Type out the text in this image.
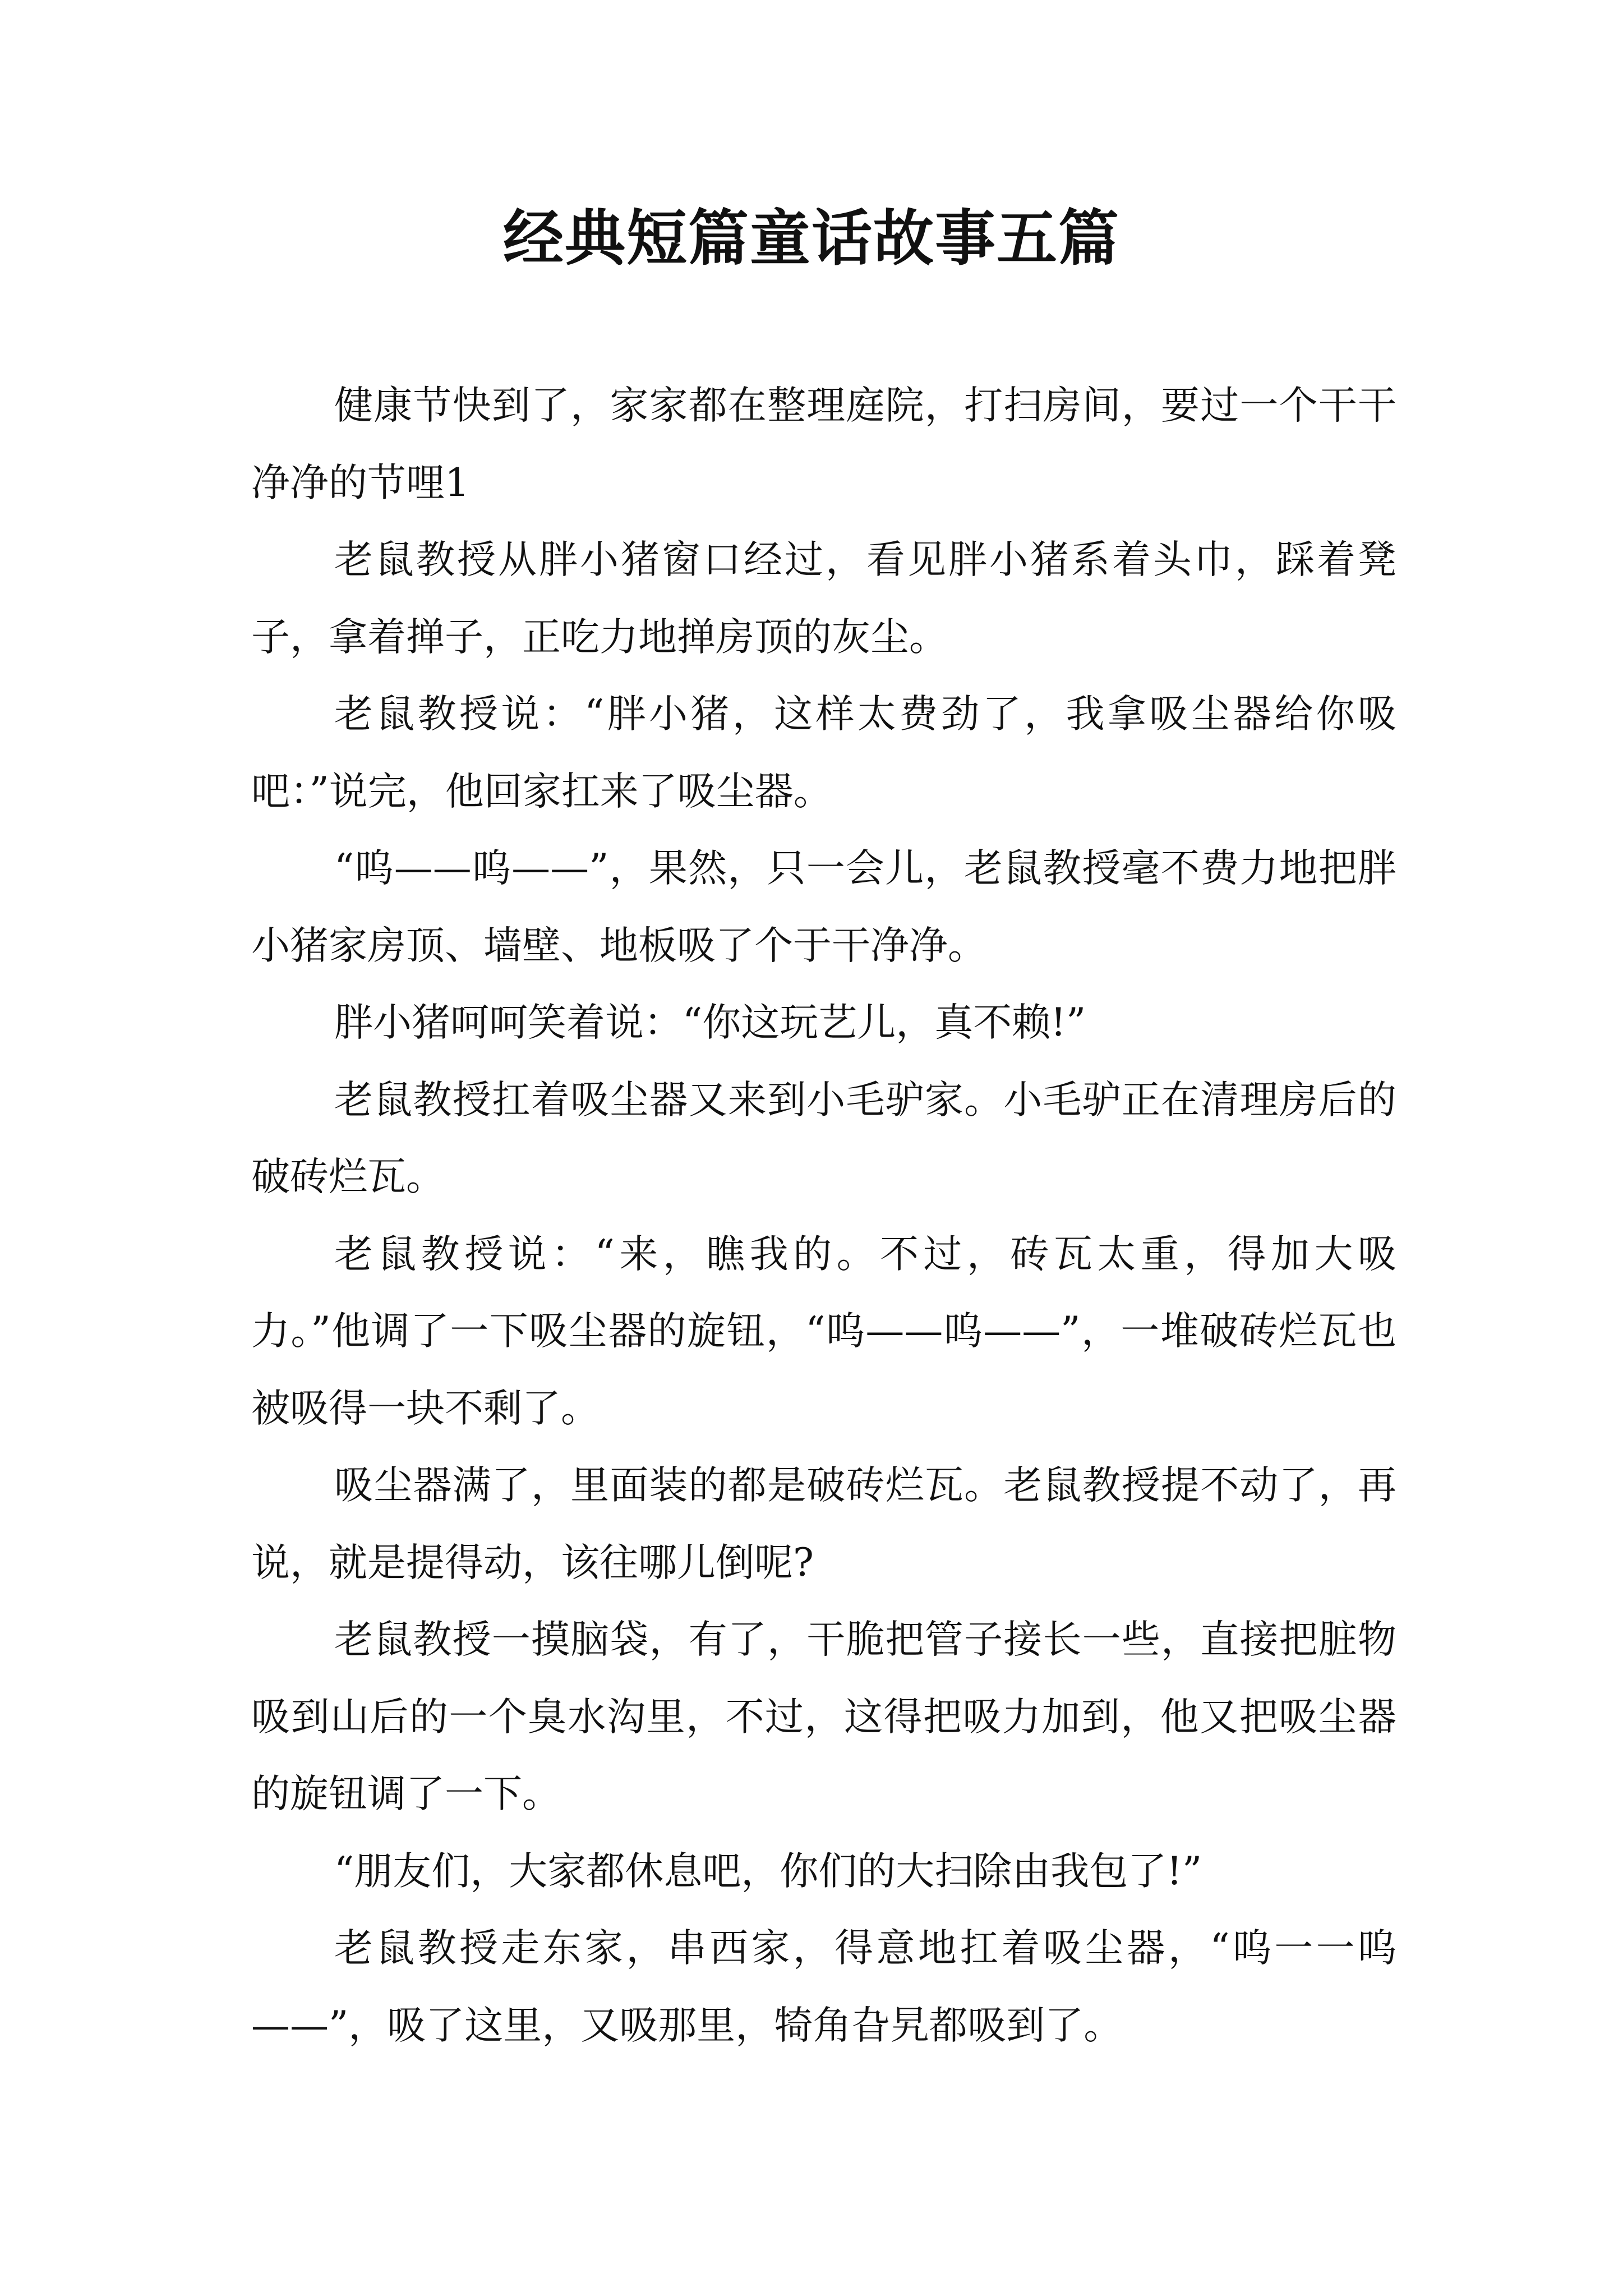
经典短篇童话故事五篇

健康节快到了，家家都在整理庭院，打扫房间，要过一个干干净净的节哩1

老鼠教授从胖小猪窗口经过，看见胖小猪系着头巾，踩着凳子，拿着掸子，正吃力地掸房顶的灰尘。

老鼠教授说：“胖小猪，这样太费劲了，我拿吸尘器给你吸吧：”说完，他回家扛来了吸尘器。

“呜——呜——”，果然，只一会儿，老鼠教授毫不费力地把胖小猪家房顶、墙壁、地板吸了个于干净净。

胖小猪呵呵笑着说：“你这玩艺儿，真不赖!”

老鼠教授扛着吸尘器又来到小毛驴家。小毛驴正在清理房后的破砖烂瓦。

老鼠教授说：“来，瞧我的。不过，砖瓦太重，得加大吸力。”他调了一下吸尘器的旋钮，“呜——呜——”，一堆破砖烂瓦也被吸得一块不剩了。

吸尘器满了，里面装的都是破砖烂瓦。老鼠教授提不动了，再说，就是提得动，该往哪儿倒呢?

老鼠教授一摸脑袋，有了，干脆把管子接长一些，直接把脏物吸到山后的一个臭水沟里，不过，这得把吸力加到，他又把吸尘器的旋钮调了一下。

“朋友们，大家都休息吧，你们的大扫除由我包了!”

老鼠教授走东家，串西家，得意地扛着吸尘器，“呜一一呜——”，吸了这里，又吸那里，犄角旮旯都吸到了。
